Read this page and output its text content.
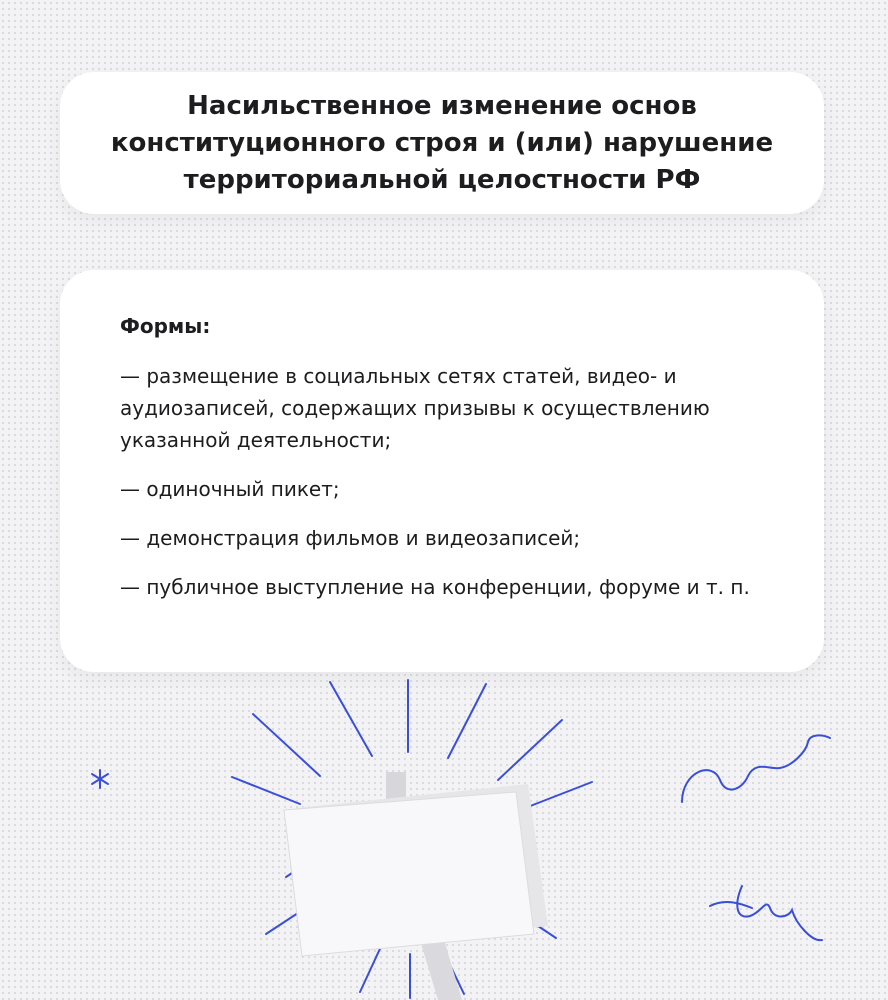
Насильственное изменение основ конституционного строя и (или) нарушение территориальной целостности РФ
Формы:
— размещение в социальных сетях статей, видео- и аудиозаписей, содержащих призывы к осуществлению указанной деятельности;
— одиночный пикет;
— демонстрация фильмов и видеозаписей;
— публичное выступление на конференции, форуме и т. п.
